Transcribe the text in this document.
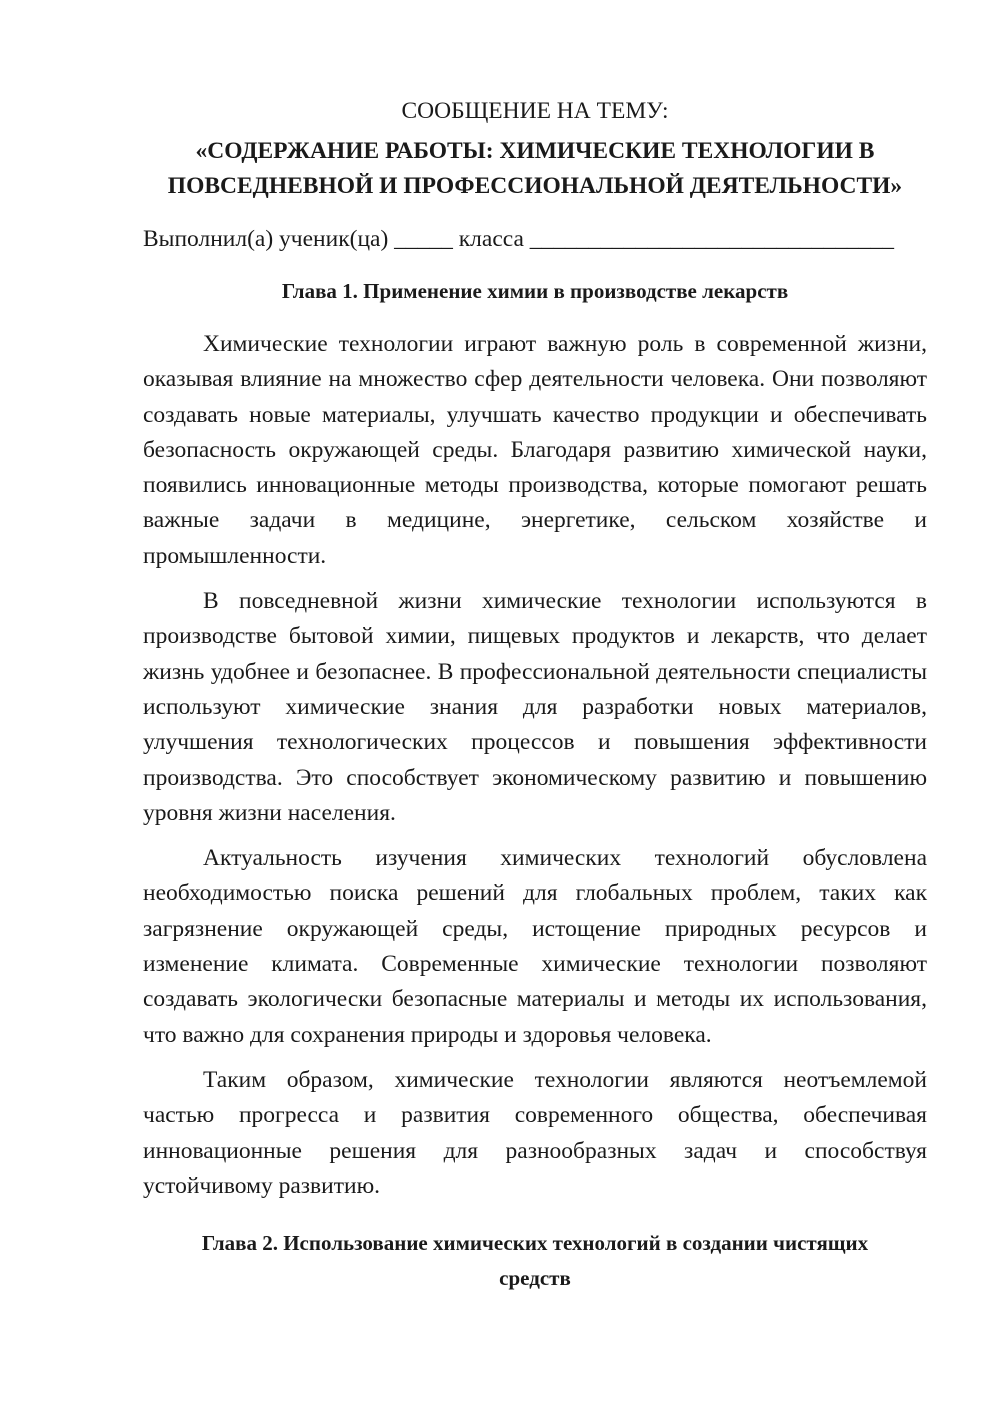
СООБЩЕНИЕ НА ТЕМУ:

«СОДЕРЖАНИЕ РАБОТЫ: ХИМИЧЕСКИЕ ТЕХНОЛОГИИ В
ПОВСЕДНЕВНОЙ И ПРОФЕССИОНАЛЬНОЙ ДЕЯТЕЛЬНОСТИ»

Выполнил(а) ученик(ца) _____ класса _______________________________

Глава 1. Применение химии в производстве лекарств

Химические технологии играют важную роль в современной жизни, оказывая влияние на множество сфер деятельности человека. Они позволяют создавать новые материалы, улучшать качество продукции и обеспечивать безопасность окружающей среды. Благодаря развитию химической науки, появились инновационные методы производства, которые помогают решать важные задачи в медицине, энергетике, сельском хозяйстве и промышленности.

В повседневной жизни химические технологии используются в производстве бытовой химии, пищевых продуктов и лекарств, что делает жизнь удобнее и безопаснее. В профессиональной деятельности специалисты используют химические знания для разработки новых материалов, улучшения технологических процессов и повышения эффективности производства. Это способствует экономическому развитию и повышению уровня жизни населения.

Актуальность изучения химических технологий обусловлена необходимостью поиска решений для глобальных проблем, таких как загрязнение окружающей среды, истощение природных ресурсов и изменение климата. Современные химические технологии позволяют создавать экологически безопасные материалы и методы их использования, что важно для сохранения природы и здоровья человека.

Таким образом, химические технологии являются неотъемлемой частью прогресса и развития современного общества, обеспечивая инновационные решения для разнообразных задач и способствуя устойчивому развитию.

Глава 2. Использование химических технологий в создании чистящих
средств
